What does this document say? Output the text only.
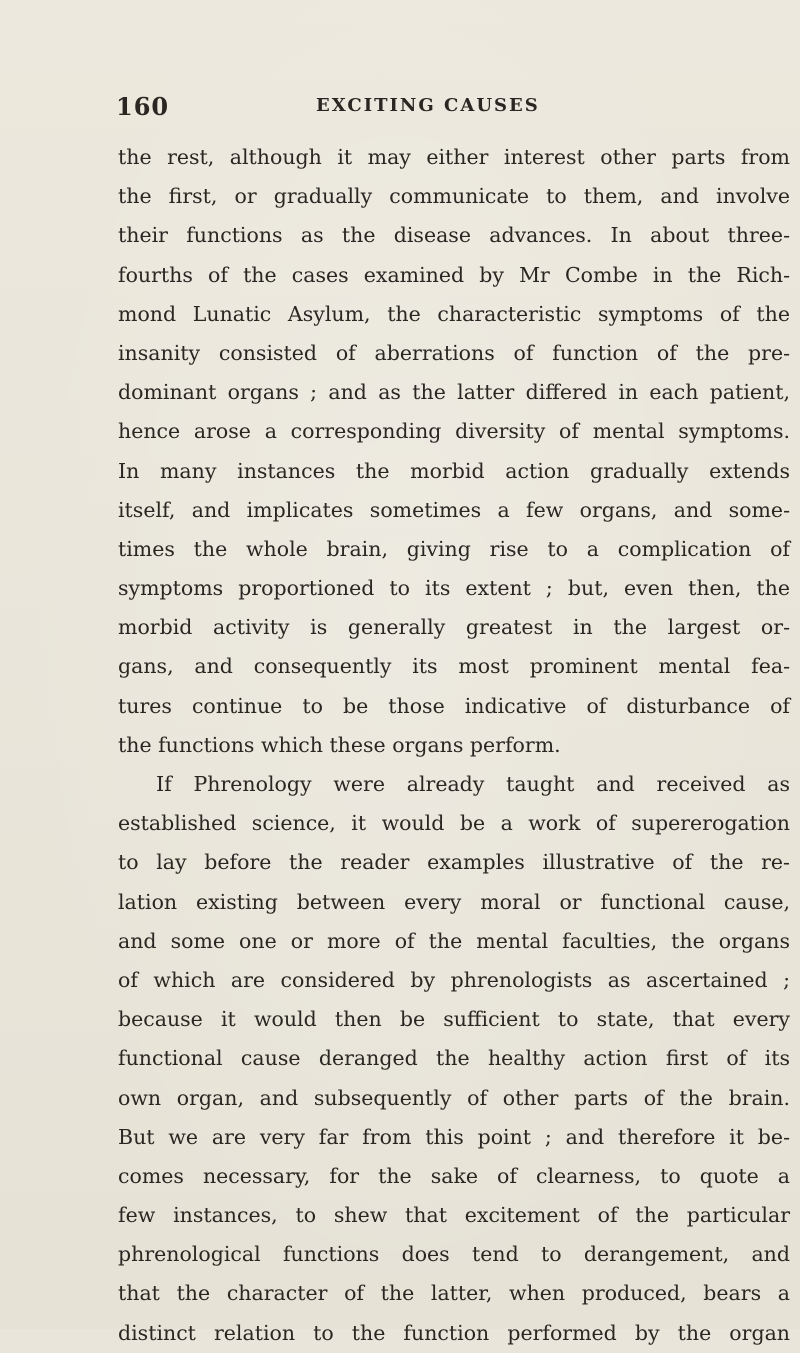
160	EXCITING CAUSES
the rest, although it may either interest other parts from
the first, or gradually communicate to them, and involve
their functions as the disease advances. In about three-
fourths of the cases examined by Mr Combe in the Rich-
mond Lunatic Asylum, the characteristic symptoms of the
insanity consisted of aberrations of function of the pre-
dominant organs ; and as the latter differed in each patient,
hence arose a corresponding diversity of mental symptoms.
In many instances the morbid action gradually extends
itself, and implicates sometimes a few organs, and some-
times the whole brain, giving rise to a complication of
symptoms proportioned to its extent ; but, even then, the
morbid activity is generally greatest in the largest or-
gans, and consequently its most prominent mental fea-
tures continue to be those indicative of disturbance of
the functions which these organs perform.
If Phrenology were already taught and received as
established science, it would be a work of supererogation
to lay before the reader examples illustrative of the re-
lation existing between every moral or functional cause,
and some one or more of the mental faculties, the organs
of which are considered by phrenologists as ascertained ;
because it would then be sufficient to state, that every
functional cause deranged the healthy action first of its
own organ, and subsequently of other parts of the brain.
But we are very far from this point ; and therefore it be-
comes necessary, for the sake of clearness, to quote a
few instances, to shew that excitement of the particular
phrenological functions does tend to derangement, and
that the character of the latter, when produced, bears a
distinct relation to the function performed by the organ
